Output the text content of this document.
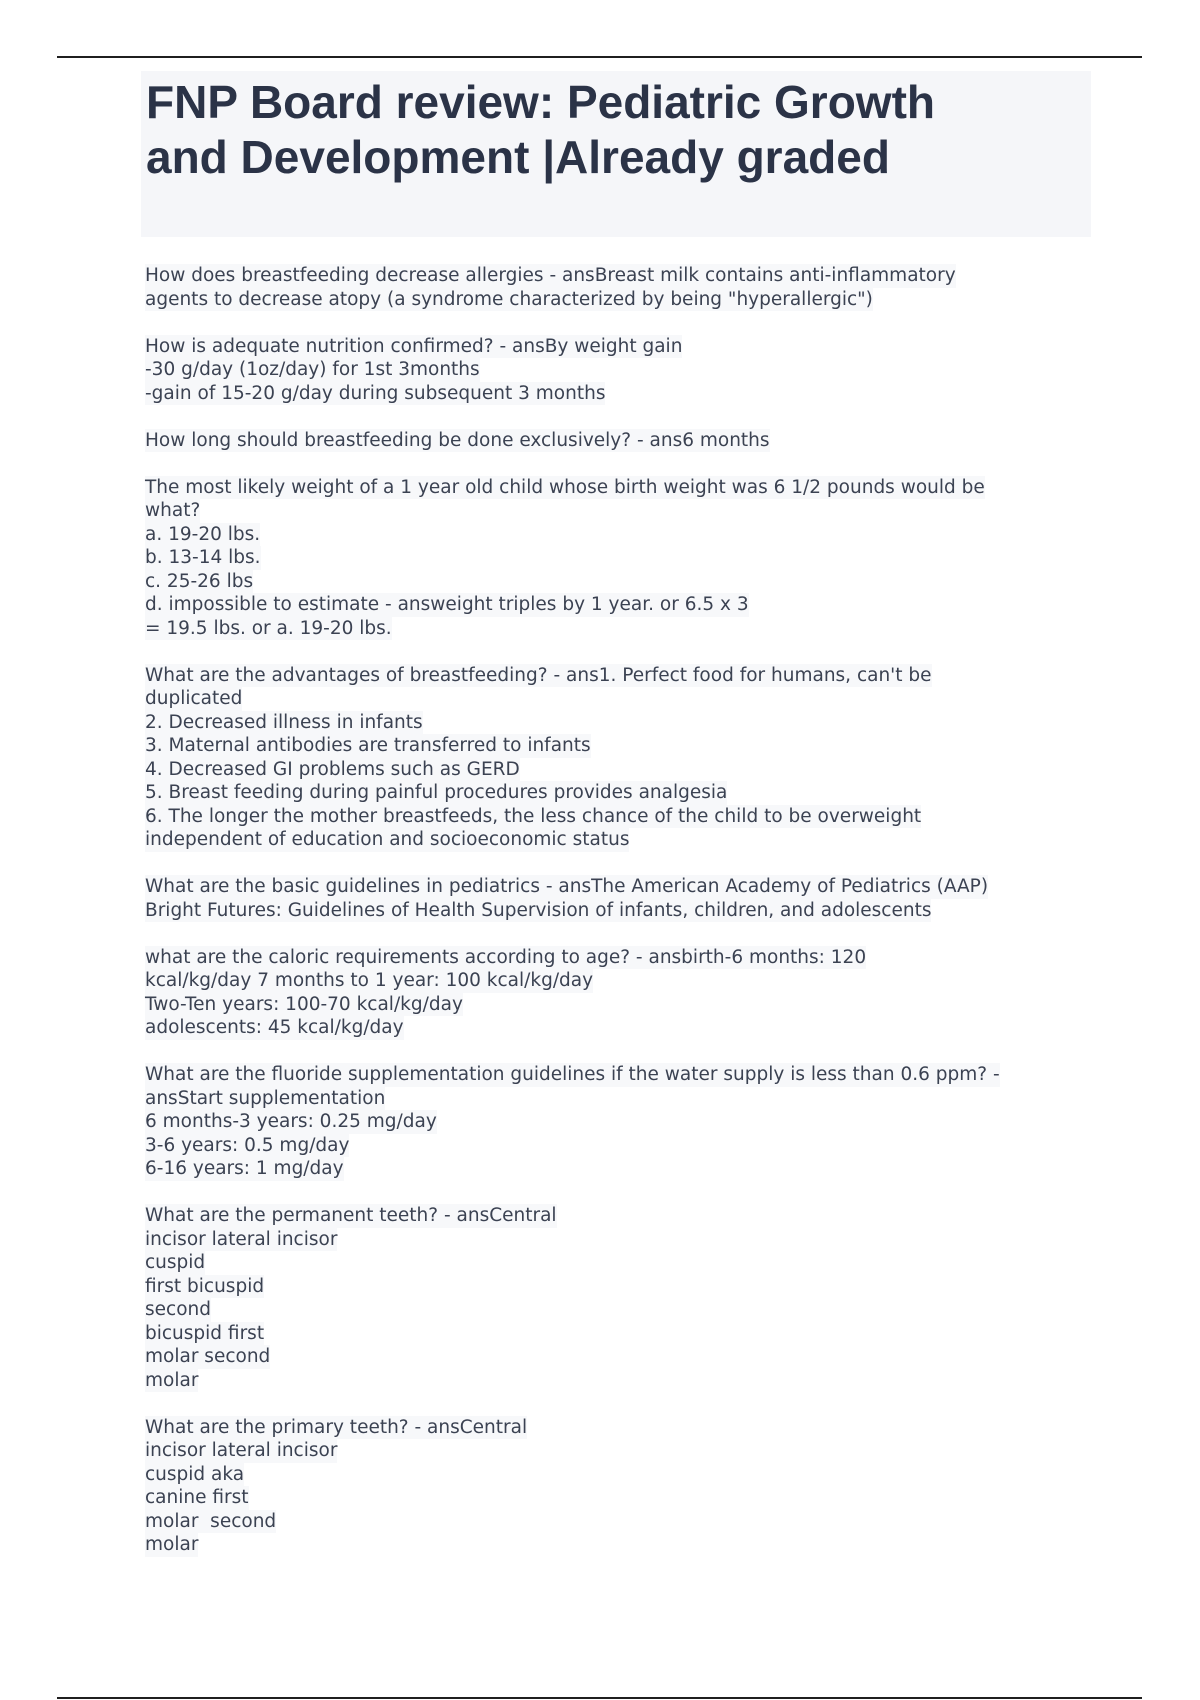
FNP Board review: Pediatric Growth
and Development |Already graded
How does breastfeeding decrease allergies - ansBreast milk contains anti-inflammatory
agents to decrease atopy (a syndrome characterized by being "hyperallergic")
How is adequate nutrition confirmed? - ansBy weight gain
-30 g/day (1oz/day) for 1st 3months
-gain of 15-20 g/day during subsequent 3 months
How long should breastfeeding be done exclusively? - ans6 months
The most likely weight of a 1 year old child whose birth weight was 6 1/2 pounds would be
what?
a. 19-20 lbs.
b. 13-14 lbs.
c. 25-26 lbs
d. impossible to estimate - answeight triples by 1 year. or 6.5 x 3
= 19.5 lbs. or a. 19-20 lbs.
What are the advantages of breastfeeding? - ans1. Perfect food for humans, can't be
duplicated
2. Decreased illness in infants
3. Maternal antibodies are transferred to infants
4. Decreased GI problems such as GERD
5. Breast feeding during painful procedures provides analgesia
6. The longer the mother breastfeeds, the less chance of the child to be overweight
independent of education and socioeconomic status
What are the basic guidelines in pediatrics - ansThe American Academy of Pediatrics (AAP)
Bright Futures: Guidelines of Health Supervision of infants, children, and adolescents
what are the caloric requirements according to age? - ansbirth-6 months: 120
kcal/kg/day 7 months to 1 year: 100 kcal/kg/day
Two-Ten years: 100-70 kcal/kg/day
adolescents: 45 kcal/kg/day
What are the fluoride supplementation guidelines if the water supply is less than 0.6 ppm? -
ansStart supplementation
6 months-3 years: 0.25 mg/day
3-6 years: 0.5 mg/day
6-16 years: 1 mg/day
What are the permanent teeth? - ansCentral
incisor lateral incisor
cuspid
first bicuspid
second
bicuspid first
molar second
molar
What are the primary teeth? - ansCentral
incisor lateral incisor
cuspid aka
canine first
molar  second
molar
